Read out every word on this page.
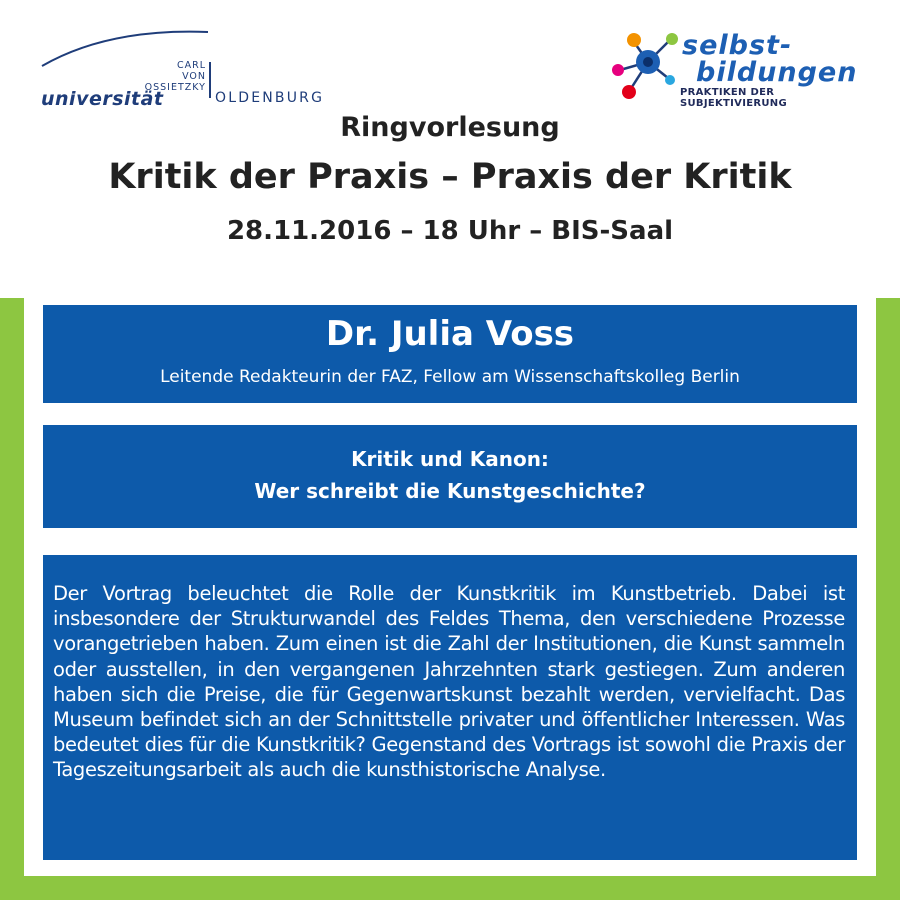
CARL
VON
OSSIETZKY
universität	OLDENBURG
selbst-
bildungen
PRAKTIKEN DER SUBJEKTIVIERUNG
Ringvorlesung
Kritik der Praxis – Praxis der Kritik
28.11.2016 – 18 Uhr – BIS-Saal
Dr. Julia Voss
Leitende Redakteurin der FAZ, Fellow am Wissenschaftskolleg Berlin
Kritik und Kanon:
Wer schreibt die Kunstgeschichte?
Der Vortrag beleuchtet die Rolle der Kunstkritik im Kunstbetrieb. Dabei ist insbesondere der Strukturwandel des Feldes Thema, den verschiedene Prozesse vorangetrieben haben. Zum einen ist die Zahl der Institutionen, die Kunst sammeln oder ausstellen, in den vergangenen Jahrzehnten stark gestiegen. Zum anderen haben sich die Preise, die für Gegenwartskunst bezahlt werden, vervielfacht. Das Museum befindet sich an der Schnittstelle privater und öffentlicher Interessen. Was bedeutet dies für die Kunstkritik? Gegenstand des Vortrags ist sowohl die Praxis der Tageszeitungsarbeit als auch die kunsthistorische Analyse.
